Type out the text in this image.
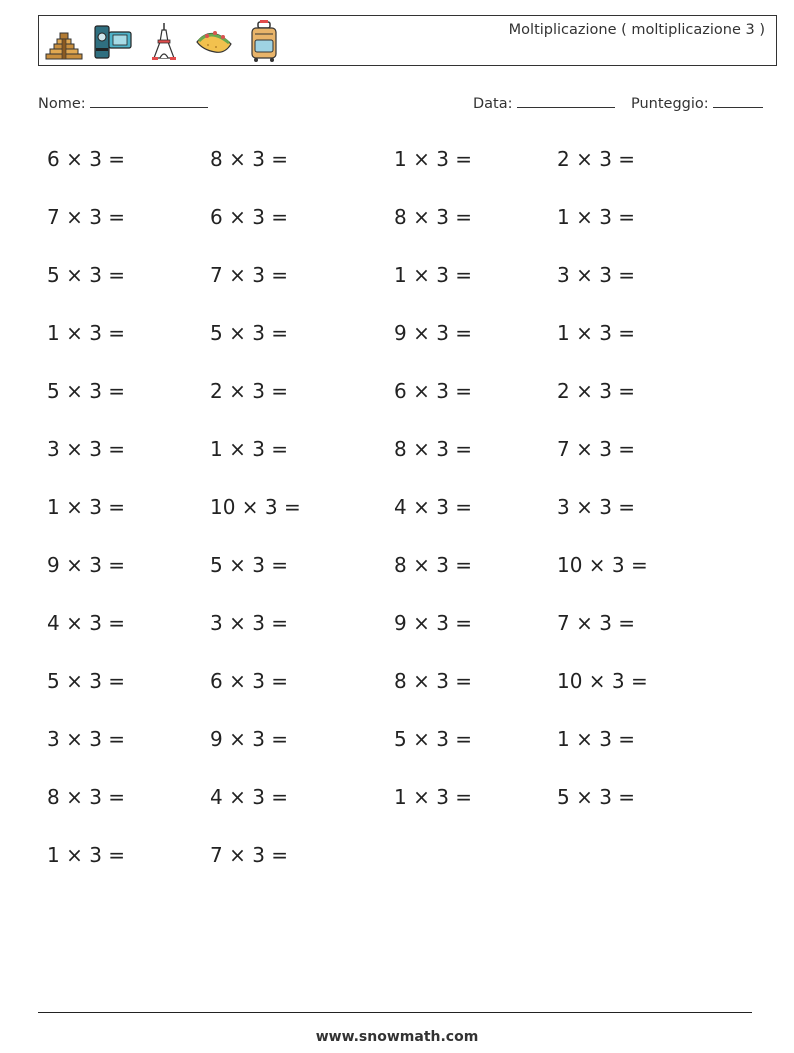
Moltiplicazione ( moltiplicazione 3 )
Nome:	Data:	Punteggio:
6 × 3 =	8 × 3 =	1 × 3 =	2 × 3 =
7 × 3 =	6 × 3 =	8 × 3 =	1 × 3 =
5 × 3 =	7 × 3 =	1 × 3 =	3 × 3 =
1 × 3 =	5 × 3 =	9 × 3 =	1 × 3 =
5 × 3 =	2 × 3 =	6 × 3 =	2 × 3 =
3 × 3 =	1 × 3 =	8 × 3 =	7 × 3 =
1 × 3 =	10 × 3 =	4 × 3 =	3 × 3 =
9 × 3 =	5 × 3 =	8 × 3 =	10 × 3 =
4 × 3 =	3 × 3 =	9 × 3 =	7 × 3 =
5 × 3 =	6 × 3 =	8 × 3 =	10 × 3 =
3 × 3 =	9 × 3 =	5 × 3 =	1 × 3 =
8 × 3 =	4 × 3 =	1 × 3 =	5 × 3 =
1 × 3 =	7 × 3 =
www.snowmath.com
